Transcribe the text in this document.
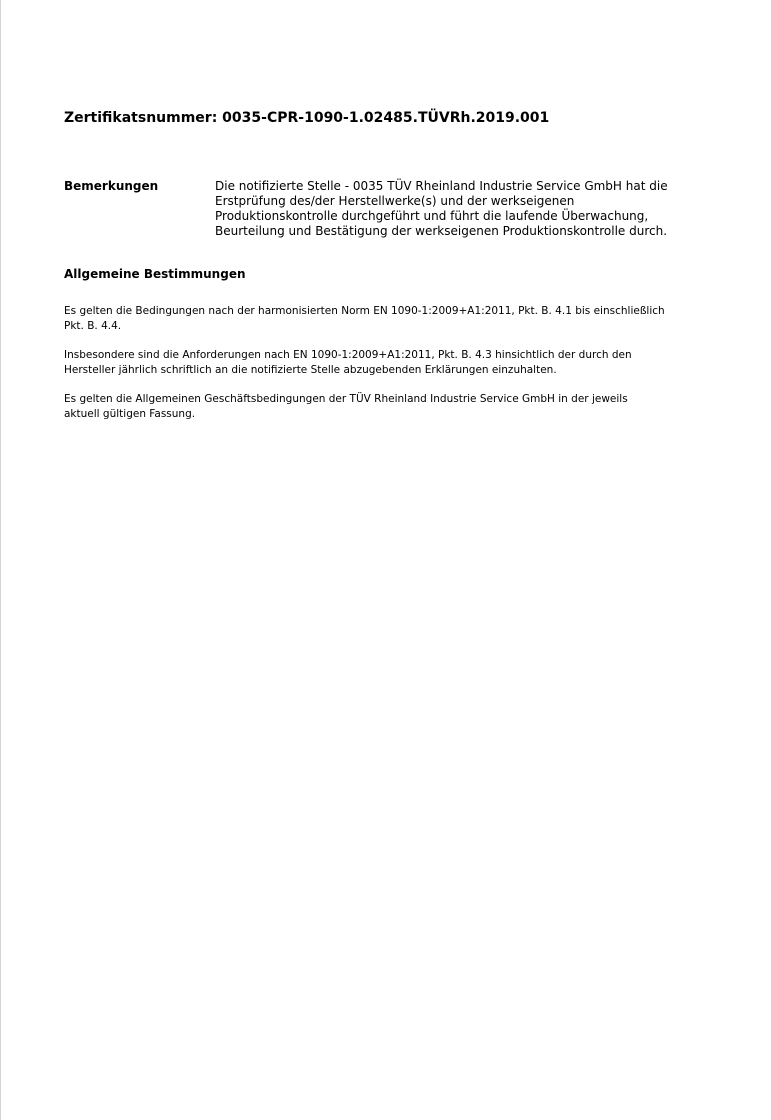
Zertifikatsnummer: 0035-CPR-1090-1.02485.TÜVRh.2019.001
Bemerkungen	Die notifizierte Stelle - 0035 TÜV Rheinland Industrie Service GmbH hat die
Erstprüfung des/der Herstellwerke(s) und der werkseigenen
Produktionskontrolle durchgeführt und führt die laufende Überwachung,
Beurteilung und Bestätigung der werkseigenen Produktionskontrolle durch.
Allgemeine Bestimmungen
Es gelten die Bedingungen nach der harmonisierten Norm EN 1090-1:2009+A1:2011, Pkt. B. 4.1 bis einschließlich
Pkt. B. 4.4.
Insbesondere sind die Anforderungen nach EN 1090-1:2009+A1:2011, Pkt. B. 4.3 hinsichtlich der durch den
Hersteller jährlich schriftlich an die notifizierte Stelle abzugebenden Erklärungen einzuhalten.
Es gelten die Allgemeinen Geschäftsbedingungen der TÜV Rheinland Industrie Service GmbH in der jeweils
aktuell gültigen Fassung.
